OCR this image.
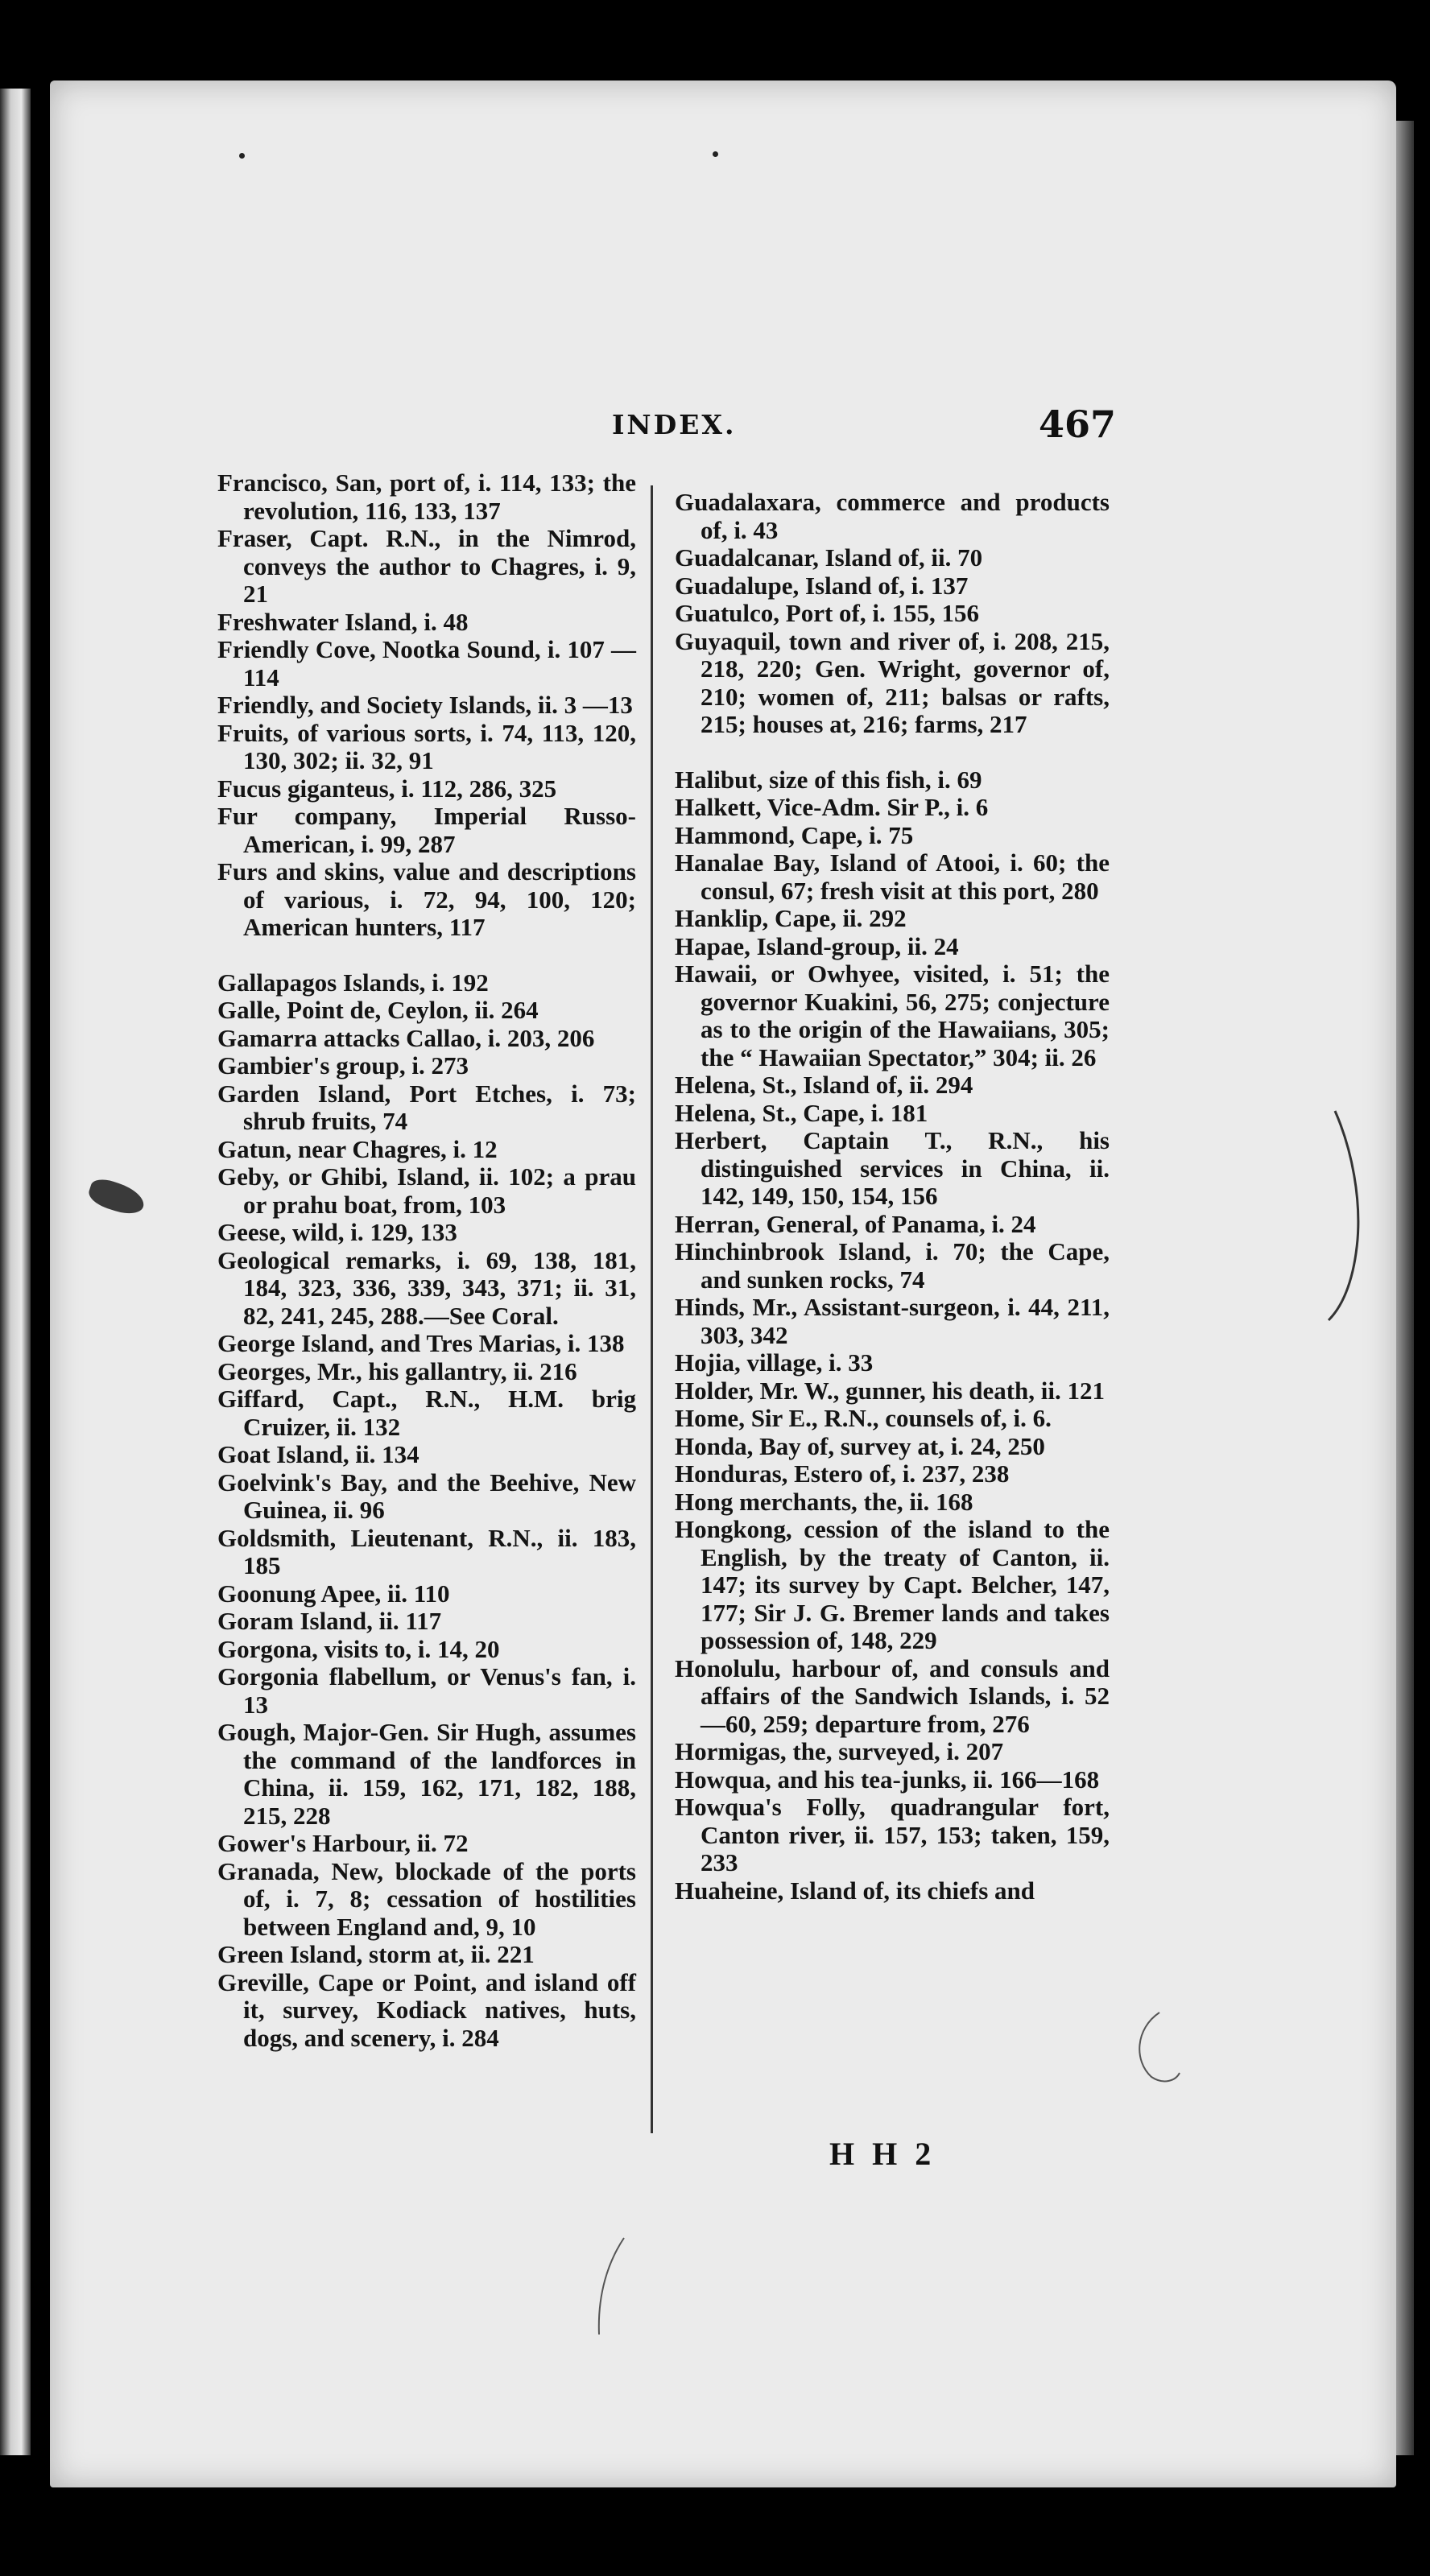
INDEX.	467

Francisco, San, port of, i. 114, 133; the revolution, 116, 133, 137

Fraser, Capt. R.N., in the Nimrod, conveys the author to Chagres, i. 9, 21

Freshwater Island, i. 48

Friendly Cove, Nootka Sound, i. 107 —114

Friendly, and Society Islands, ii. 3 —13

Fruits, of various sorts, i. 74, 113, 120, 130, 302; ii. 32, 91

Fucus giganteus, i. 112, 286, 325

Fur company, Imperial Russo-American, i. 99, 287

Furs and skins, value and descriptions of various, i. 72, 94, 100, 120; American hunters, 117

Gallapagos Islands, i. 192

Galle, Point de, Ceylon, ii. 264

Gamarra attacks Callao, i. 203, 206

Gambier's group, i. 273

Garden Island, Port Etches, i. 73; shrub fruits, 74

Gatun, near Chagres, i. 12

Geby, or Ghibi, Island, ii. 102; a prau or prahu boat, from, 103

Geese, wild, i. 129, 133

Geological remarks, i. 69, 138, 181, 184, 323, 336, 339, 343, 371; ii. 31, 82, 241, 245, 288.—See Coral.

George Island, and Tres Marias, i. 138

Georges, Mr., his gallantry, ii. 216

Giffard, Capt., R.N., H.M. brig Cruizer, ii. 132

Goat Island, ii. 134

Goelvink's Bay, and the Beehive, New Guinea, ii. 96

Goldsmith, Lieutenant, R.N., ii. 183, 185

Goonung Apee, ii. 110

Goram Island, ii. 117

Gorgona, visits to, i. 14, 20

Gorgonia flabellum, or Venus's fan, i. 13

Gough, Major-Gen. Sir Hugh, assumes the command of the landforces in China, ii. 159, 162, 171, 182, 188, 215, 228

Gower's Harbour, ii. 72

Granada, New, blockade of the ports of, i. 7, 8; cessation of hostilities between England and, 9, 10

Green Island, storm at, ii. 221

Greville, Cape or Point, and island off it, survey, Kodiack natives, huts, dogs, and scenery, i. 284

Guadalaxara, commerce and products of, i. 43

Guadalcanar, Island of, ii. 70

Guadalupe, Island of, i. 137

Guatulco, Port of, i. 155, 156

Guyaquil, town and river of, i. 208, 215, 218, 220; Gen. Wright, governor of, 210; women of, 211; balsas or rafts, 215; houses at, 216; farms, 217

Halibut, size of this fish, i. 69

Halkett, Vice-Adm. Sir P., i. 6

Hammond, Cape, i. 75

Hanalae Bay, Island of Atooi, i. 60; the consul, 67; fresh visit at this port, 280

Hanklip, Cape, ii. 292

Hapae, Island-group, ii. 24

Hawaii, or Owhyee, visited, i. 51; the governor Kuakini, 56, 275; conjecture as to the origin of the Hawaiians, 305; the “ Hawaiian Spectator,” 304; ii. 26

Helena, St., Island of, ii. 294

Helena, St., Cape, i. 181

Herbert, Captain T., R.N., his distinguished services in China, ii. 142, 149, 150, 154, 156

Herran, General, of Panama, i. 24

Hinchinbrook Island, i. 70; the Cape, and sunken rocks, 74

Hinds, Mr., Assistant-surgeon, i. 44, 211, 303, 342

Hojia, village, i. 33

Holder, Mr. W., gunner, his death, ii. 121

Home, Sir E., R.N., counsels of, i. 6.

Honda, Bay of, survey at, i. 24, 250

Honduras, Estero of, i. 237, 238

Hong merchants, the, ii. 168

Hongkong, cession of the island to the English, by the treaty of Canton, ii. 147; its survey by Capt. Belcher, 147, 177; Sir J. G. Bremer lands and takes possession of, 148, 229

Honolulu, harbour of, and consuls and affairs of the Sandwich Islands, i. 52—60, 259; departure from, 276

Hormigas, the, surveyed, i. 207

Howqua, and his tea-junks, ii. 166—168

Howqua's Folly, quadrangular fort, Canton river, ii. 157, 153; taken, 159, 233

Huaheine, Island of, its chiefs and

H H 2
